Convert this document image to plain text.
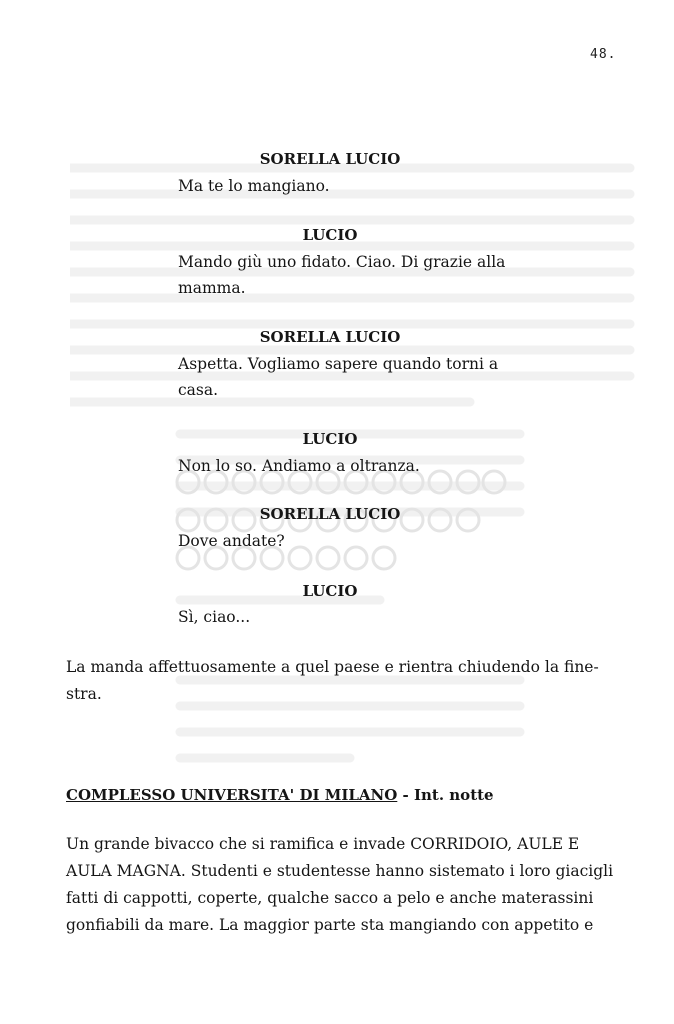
48.
SORELLA LUCIO
Ma te lo mangiano.
LUCIO
Mando giù uno fidato. Ciao. Di grazie alla
mamma.
SORELLA LUCIO
Aspetta. Vogliamo sapere quando torni a
casa.
LUCIO
Non lo so. Andiamo a oltranza.
SORELLA LUCIO
Dove andate?
LUCIO
Sì, ciao...
La manda affettuosamente a quel paese e rientra chiudendo la fine-
stra.
COMPLESSO UNIVERSITA' DI MILANO - Int. notte
Un grande bivacco che si ramifica e invade CORRIDOIO, AULE E
AULA MAGNA. Studenti e studentesse hanno sistemato i loro giacigli
fatti di cappotti, coperte, qualche sacco a pelo e anche materassini
gonfiabili da mare. La maggior parte sta mangiando con appetito e
